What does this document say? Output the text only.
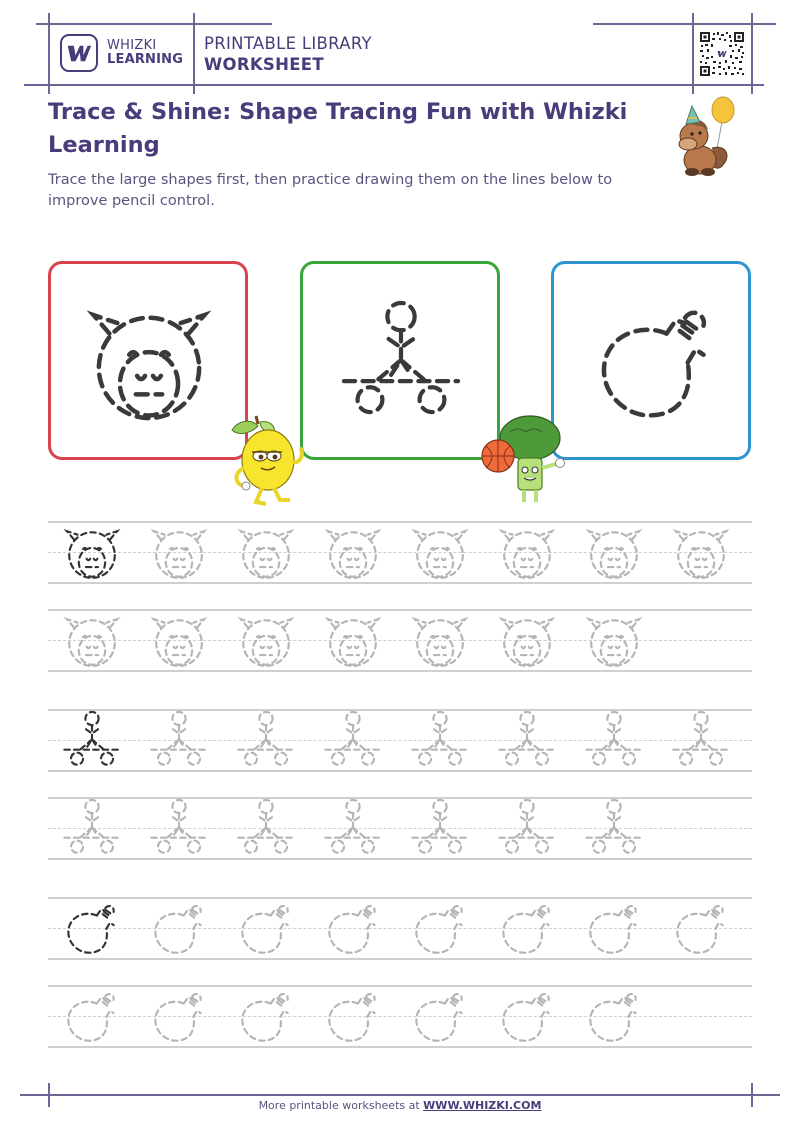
WHIZKI
LEARNING
PRINTABLE LIBRARY
WORKSHEET
Trace & Shine: Shape Tracing Fun with Whizki Learning
Trace the large shapes first, then practice drawing them on the lines below to improve pencil control.
More printable worksheets at WWW.WHIZKI.COM
